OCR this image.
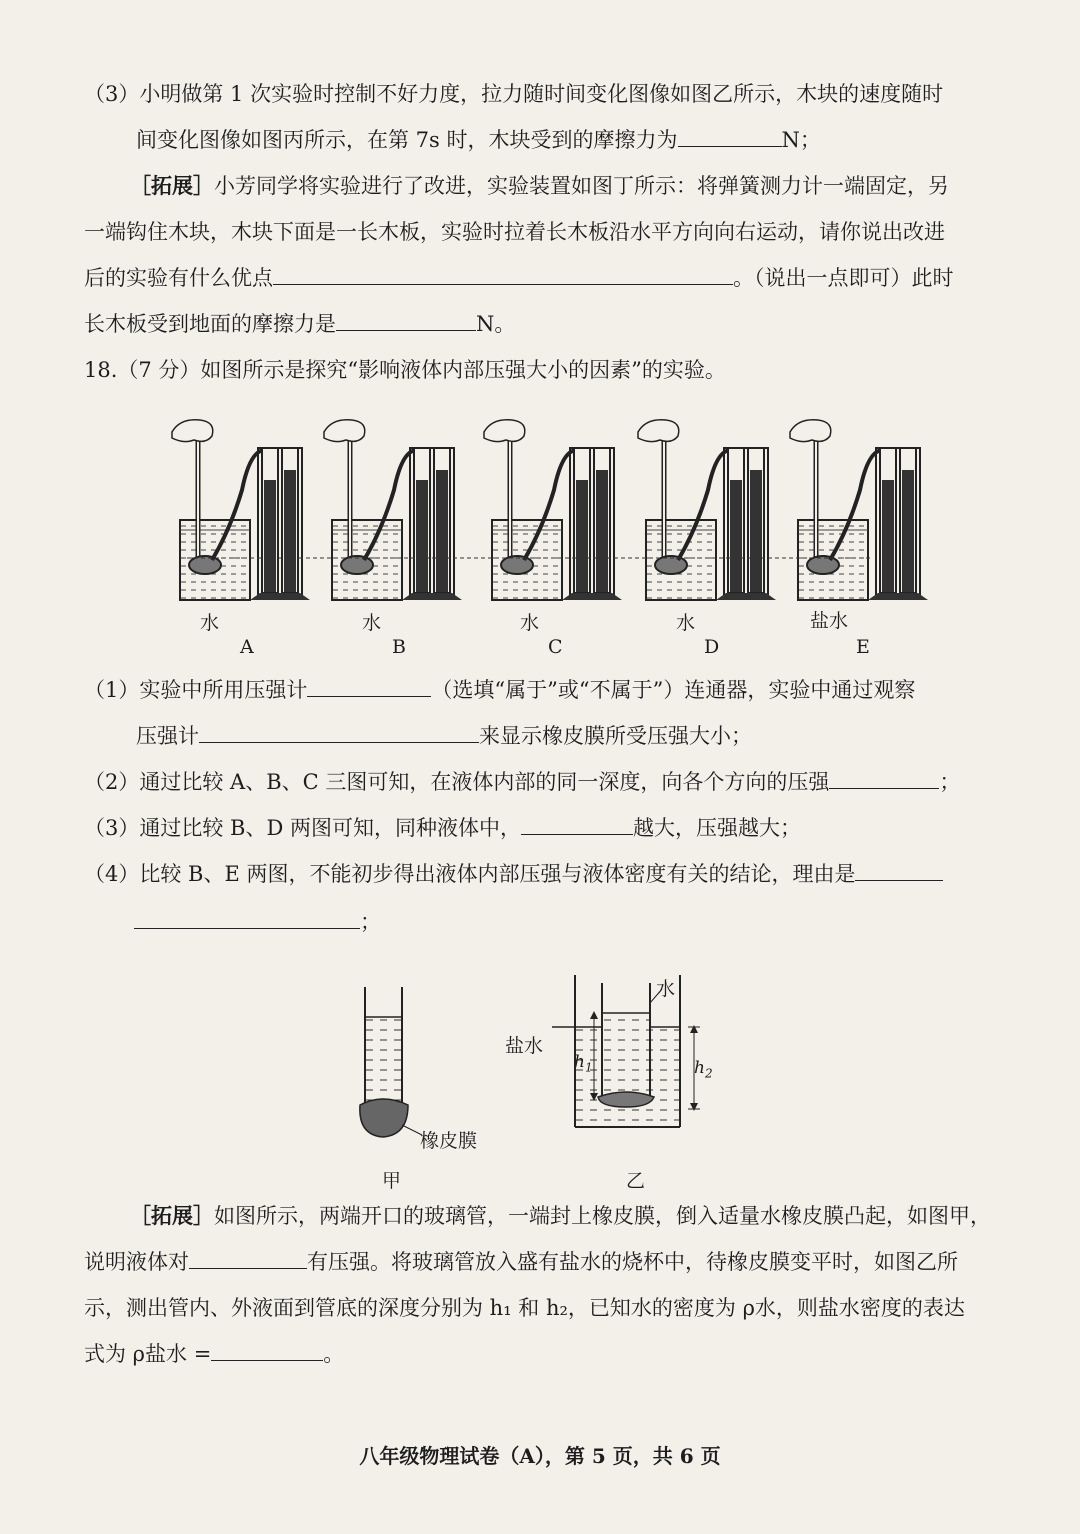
（3）小明做第 1 次实验时控制不好力度，拉力随时间变化图像如图乙所示，木块的速度随时
间变化图像如图丙所示，在第 7s 时，木块受到的摩擦力为	N；
［拓展］小芳同学将实验进行了改进，实验装置如图丁所示：将弹簧测力计一端固定，另
一端钩住木块，木块下面是一长木板，实验时拉着长木板沿水平方向向右运动，请你说出改进
后的实验有什么优点	。（说出一点即可）此时
长木板受到地面的摩擦力是	N。
18.（7 分）如图所示是探究“影响液体内部压强大小的因素”的实验。
水	水	水	水	盐水
A	B	C	D	E
（1）实验中所用压强计	（选填“属于”或“不属于”）连通器，实验中通过观察
压强计	来显示橡皮膜所受压强大小；
（2）通过比较 A、B、C 三图可知，在液体内部的同一深度，向各个方向的压强	；
（3）通过比较 B、D 两图可知，同种液体中，	越大，压强越大；
（4）比较 B、E 两图，不能初步得出液体内部压强与液体密度有关的结论，理由是
；
橡皮膜
水
盐水
$h_1$	$h_2$
甲	乙
［拓展］如图所示，两端开口的玻璃管，一端封上橡皮膜，倒入适量水橡皮膜凸起，如图甲，
说明液体对	有压强。将玻璃管放入盛有盐水的烧杯中，待橡皮膜变平时，如图乙所
示，测出管内、外液面到管底的深度分别为 h₁ 和 h₂，已知水的密度为 ρ水，则盐水密度的表达
式为 ρ盐水 =	。
八年级物理试卷（A），第 5 页，共 6 页
